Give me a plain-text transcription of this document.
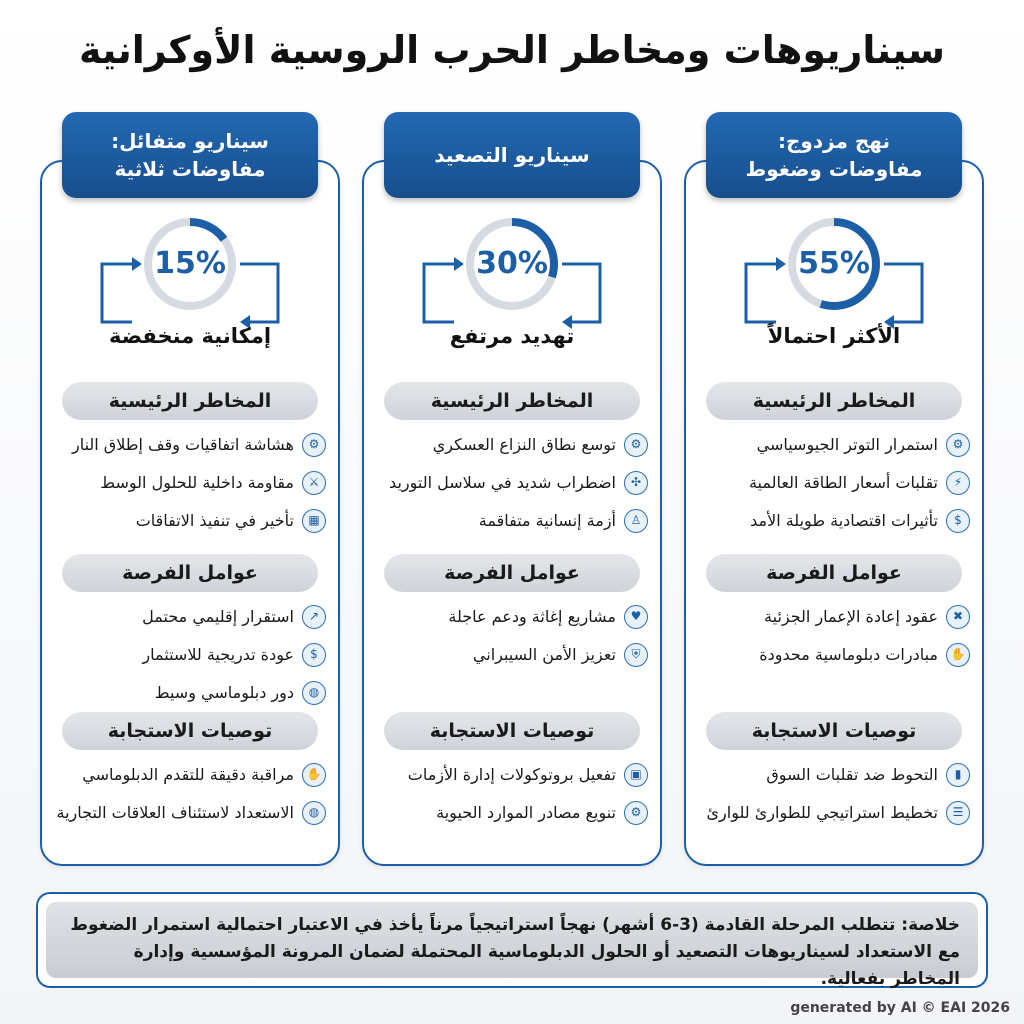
سيناريوهات ومخاطر الحرب الروسية الأوكرانية
نهج مزدوج:
مفاوضات وضغوط
55%
الأكثر احتمالاً
المخاطر الرئيسية
⚙
استمرار التوتر الجيوسياسي
⚡
تقلبات أسعار الطاقة العالمية
$
تأثيرات اقتصادية طويلة الأمد
عوامل الفرصة
✖
عقود إعادة الإعمار الجزئية
✋
مبادرات دبلوماسية محدودة
توصيات الاستجابة
▮
التحوط ضد تقلبات السوق
☰
تخطيط استراتيجي للطوارئ للوارئ
سيناريو التصعيد
30%
تهديد مرتفع
المخاطر الرئيسية
⚙
توسع نطاق النزاع العسكري
✣
اضطراب شديد في سلاسل التوريد
♙
أزمة إنسانية متفاقمة
عوامل الفرصة
♥
مشاريع إغاثة ودعم عاجلة
⛨
تعزيز الأمن السيبراني
توصيات الاستجابة
▣
تفعيل بروتوكولات إدارة الأزمات
⚙
تنويع مصادر الموارد الحيوية
سيناريو متفائل:
مفاوضات ثلاثية
15%
إمكانية منخفضة
المخاطر الرئيسية
⚙
هشاشة اتفاقيات وقف إطلاق النار
⚔
مقاومة داخلية للحلول الوسط
▦
تأخير في تنفيذ الاتفاقات
عوامل الفرصة
↗
استقرار إقليمي محتمل
$
عودة تدريجية للاستثمار
◍
دور دبلوماسي وسيط
توصيات الاستجابة
✋
مراقبة دقيقة للتقدم الدبلوماسي
◍
الاستعداد لاستئناف العلاقات التجارية
خلاصة: تتطلب المرحلة القادمة (3-6 أشهر) نهجاً استراتيجياً مرناً يأخذ في الاعتبار احتمالية استمرار الضغوط مع الاستعداد لسيناريوهات التصعيد أو الحلول الدبلوماسية المحتملة لضمان المرونة المؤسسية وإدارة المخاطر بفعالية.
generated by AI © EAI 2026
